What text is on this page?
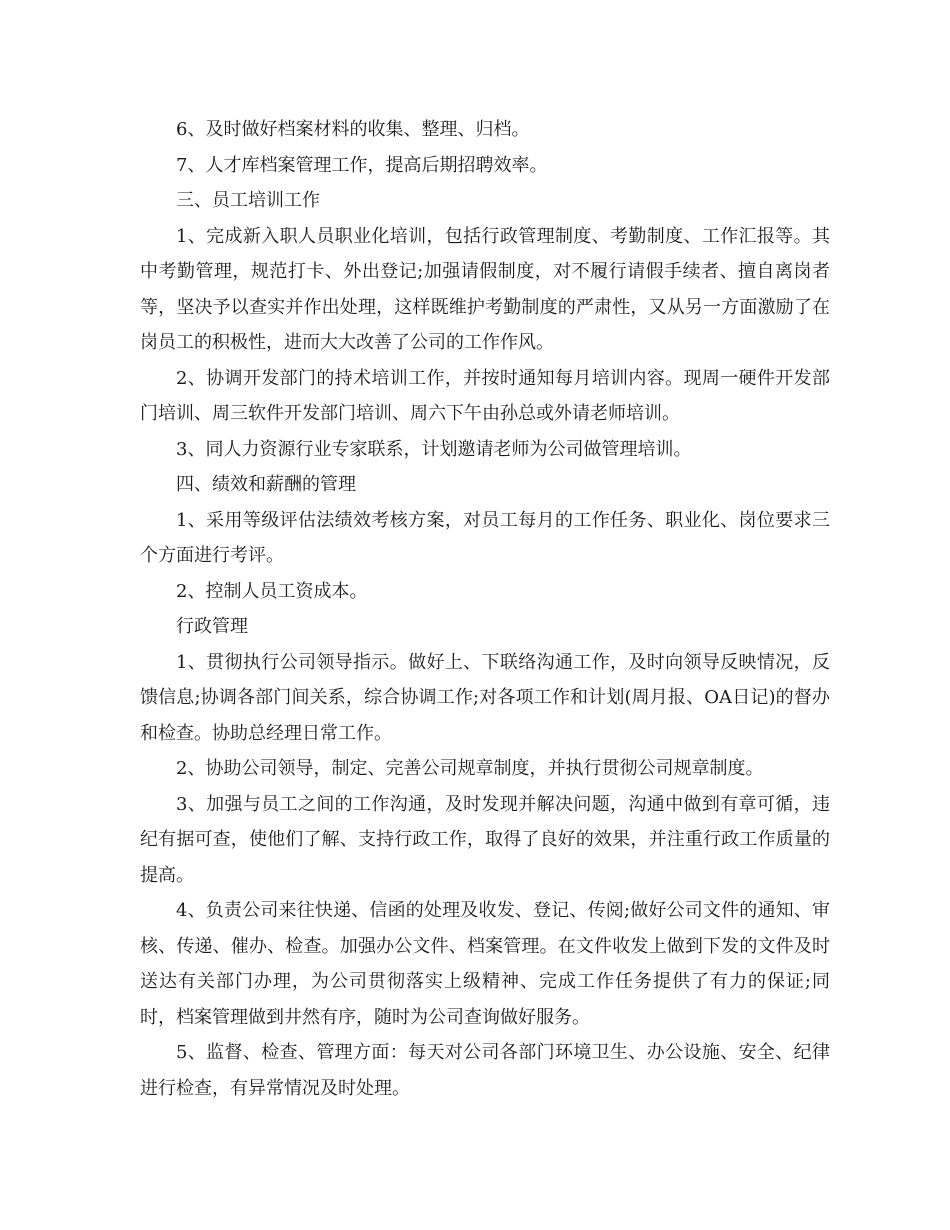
6、及时做好档案材料的收集、整理、归档。

7、人才库档案管理工作，提高后期招聘效率。

三、员工培训工作

1、完成新入职人员职业化培训，包括行政管理制度、考勤制度、工作汇报等。其中考勤管理，规范打卡、外出登记;加强请假制度，对不履行请假手续者、擅自离岗者等，坚决予以查实并作出处理，这样既维护考勤制度的严肃性，又从另一方面激励了在岗员工的积极性，进而大大改善了公司的工作作风。

2、协调开发部门的持术培训工作，并按时通知每月培训内容。现周一硬件开发部门培训、周三软件开发部门培训、周六下午由孙总或外请老师培训。

3、同人力资源行业专家联系，计划邀请老师为公司做管理培训。

四、绩效和薪酬的管理

1、采用等级评估法绩效考核方案，对员工每月的工作任务、职业化、岗位要求三个方面进行考评。

2、控制人员工资成本。

行政管理

1、贯彻执行公司领导指示。做好上、下联络沟通工作，及时向领导反映情况，反馈信息;协调各部门间关系，综合协调工作;对各项工作和计划(周月报、OA日记)的督办和检查。协助总经理日常工作。

2、协助公司领导，制定、完善公司规章制度，并执行贯彻公司规章制度。

3、加强与员工之间的工作沟通，及时发现并解决问题，沟通中做到有章可循，违纪有据可查，使他们了解、支持行政工作，取得了良好的效果，并注重行政工作质量的提高。

4、负责公司来往快递、信函的处理及收发、登记、传阅;做好公司文件的通知、审核、传递、催办、检查。加强办公文件、档案管理。在文件收发上做到下发的文件及时送达有关部门办理，为公司贯彻落实上级精神、完成工作任务提供了有力的保证;同时，档案管理做到井然有序，随时为公司查询做好服务。

5、监督、检查、管理方面：每天对公司各部门环境卫生、办公设施、安全、纪律进行检查，有异常情况及时处理。
